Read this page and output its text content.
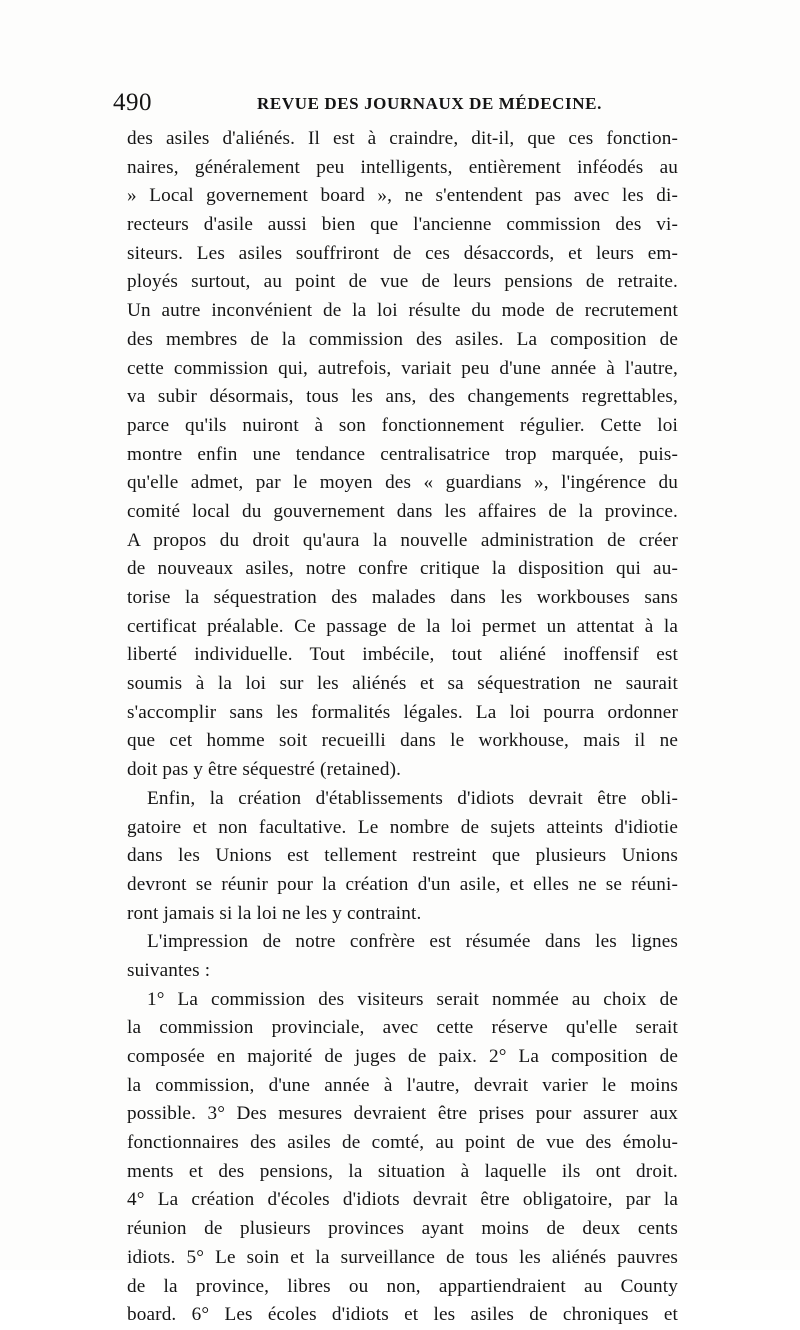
490	REVUE DES JOURNAUX DE MÉDECINE.
des asiles d'aliénés. Il est à craindre, dit-il, que ces fonction-
naires, généralement peu intelligents, entièrement inféodés au
» Local governement board », ne s'entendent pas avec les di-
recteurs d'asile aussi bien que l'ancienne commission des vi-
siteurs. Les asiles souffriront de ces désaccords, et leurs em-
ployés surtout, au point de vue de leurs pensions de retraite.
Un autre inconvénient de la loi résulte du mode de recrutement
des membres de la commission des asiles. La composition de
cette commission qui, autrefois, variait peu d'une année à l'autre,
va subir désormais, tous les ans, des changements regrettables,
parce qu'ils nuiront à son fonctionnement régulier. Cette loi
montre enfin une tendance centralisatrice trop marquée, puis-
qu'elle admet, par le moyen des « guardians », l'ingérence du
comité local du gouvernement dans les affaires de la province.
A propos du droit qu'aura la nouvelle administration de créer
de nouveaux asiles, notre confre critique la disposition qui au-
torise la séquestration des malades dans les workbouses sans
certificat préalable. Ce passage de la loi permet un attentat à la
liberté individuelle. Tout imbécile, tout aliéné inoffensif est
soumis à la loi sur les aliénés et sa séquestration ne saurait
s'accomplir sans les formalités légales. La loi pourra ordonner
que cet homme soit recueilli dans le workhouse, mais il ne
doit pas y être séquestré (retained).
Enfin, la création d'établissements d'idiots devrait être obli-
gatoire et non facultative. Le nombre de sujets atteints d'idiotie
dans les Unions est tellement restreint que plusieurs Unions
devront se réunir pour la création d'un asile, et elles ne se réuni-
ront jamais si la loi ne les y contraint.
L'impression de notre confrère est résumée dans les lignes
suivantes :
1° La commission des visiteurs serait nommée au choix de
la commission provinciale, avec cette réserve qu'elle serait
composée en majorité de juges de paix. 2° La composition de
la commission, d'une année à l'autre, devrait varier le moins
possible. 3° Des mesures devraient être prises pour assurer aux
fonctionnaires des asiles de comté, au point de vue des émolu-
ments et des pensions, la situation à laquelle ils ont droit.
4° La création d'écoles d'idiots devrait être obligatoire, par la
réunion de plusieurs provinces ayant moins de deux cents
idiots. 5° Le soin et la surveillance de tous les aliénés pauvres
de la province, libres ou non, appartiendraient au County
board. 6° Les écoles d'idiots et les asiles de chroniques et
